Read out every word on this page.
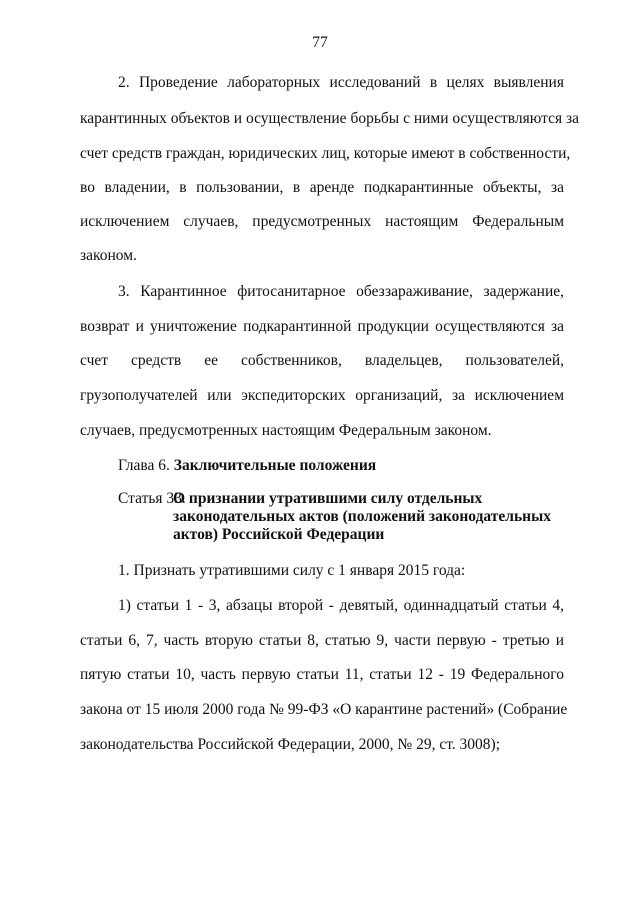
77
2. Проведение лабораторных исследований в целях выявления
карантинных объектов и осуществление борьбы с ними осуществляются за
счет средств граждан, юридических лиц, которые имеют в собственности,
во владении, в пользовании, в аренде подкарантинные объекты, за
исключением случаев, предусмотренных настоящим Федеральным
законом.
3. Карантинное фитосанитарное обеззараживание, задержание,
возврат и уничтожение подкарантинной продукции осуществляются за
счет средств ее собственников, владельцев, пользователей,
грузополучателей или экспедиторских организаций, за исключением
случаев, предусмотренных настоящим Федеральным законом.
Глава 6. Заключительные положения
Статья 33.
О признании утратившими силу отдельных
законодательных актов (положений законодательных
актов) Российской Федерации
1. Признать утратившими силу с 1 января 2015 года:
1) статьи 1 - 3, абзацы второй - девятый, одиннадцатый статьи 4,
статьи 6, 7, часть вторую статьи 8, статью 9, части первую - третью и
пятую статьи 10, часть первую статьи 11, статьи 12 - 19 Федерального
закона от 15 июля 2000 года № 99-ФЗ «О карантине растений» (Собрание
законодательства Российской Федерации, 2000, № 29, ст. 3008);
